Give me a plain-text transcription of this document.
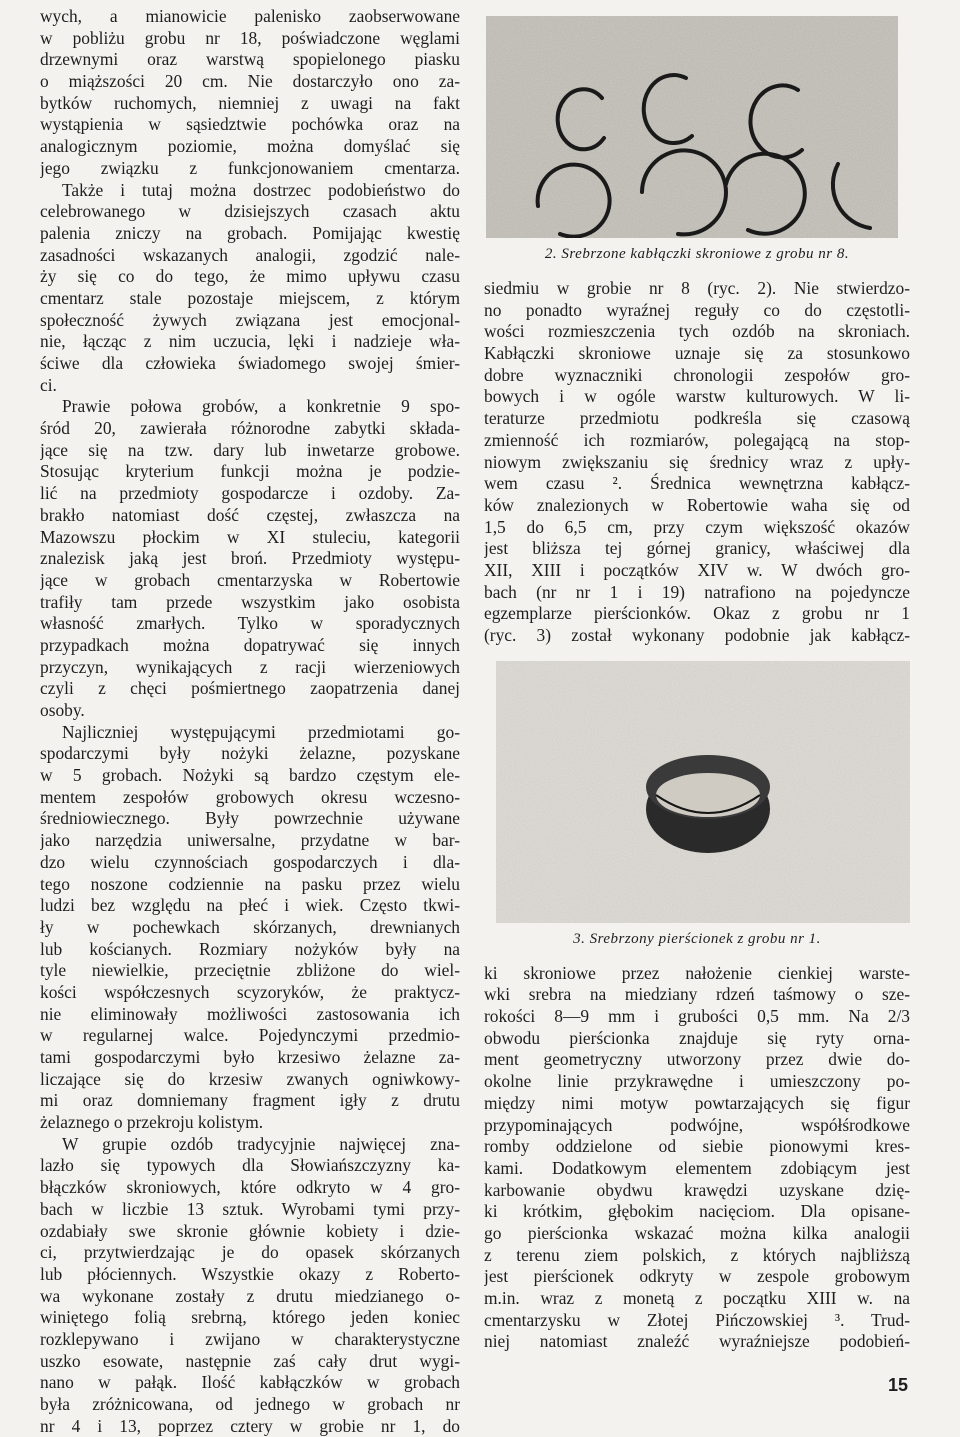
wych, a mianowicie palenisko zaobserwowane
w pobliżu grobu nr 18, poświadczone węglami
drzewnymi oraz warstwą spopielonego piasku
o miąższości 20 cm. Nie dostarczyło ono za-
bytków ruchomych, niemniej z uwagi na fakt
wystąpienia w sąsiedztwie pochówka oraz na
analogicznym poziomie, można domyślać się
jego związku z funkcjonowaniem cmentarza.
Także i tutaj można dostrzec podobieństwo do
celebrowanego w dzisiejszych czasach aktu
palenia zniczy na grobach. Pomijając kwestię
zasadności wskazanych analogii, zgodzić nale-
ży się co do tego, że mimo upływu czasu
cmentarz stale pozostaje miejscem, z którym
społeczność żywych związana jest emocjonal-
nie, łącząc z nim uczucia, lęki i nadzieje wła-
ściwe dla człowieka świadomego swojej śmier-
ci.
Prawie połowa grobów, a konkretnie 9 spo-
śród 20, zawierała różnorodne zabytki składa-
jące się na tzw. dary lub inwetarze grobowe.
Stosując kryterium funkcji można je podzie-
lić na przedmioty gospodarcze i ozdoby. Za-
brakło natomiast dość częstej, zwłaszcza na
Mazowszu płockim w XI stuleciu, kategorii
znalezisk jaką jest broń. Przedmioty występu-
jące w grobach cmentarzyska w Robertowie
trafiły tam przede wszystkim jako osobista
własność zmarłych. Tylko w sporadycznych
przypadkach można dopatrywać się innych
przyczyn, wynikających z racji wierzeniowych
czyli z chęci pośmiertnego zaopatrzenia danej
osoby.
Najliczniej występującymi przedmiotami go-
spodarczymi były nożyki żelazne, pozyskane
w 5 grobach. Nożyki są bardzo częstym ele-
mentem zespołów grobowych okresu wczesno-
średniowiecznego. Były powrzechnie używane
jako narzędzia uniwersalne, przydatne w bar-
dzo wielu czynnościach gospodarczych i dla-
tego noszone codziennie na pasku przez wielu
ludzi bez względu na płeć i wiek. Często tkwi-
ły w pochewkach skórzanych, drewnianych
lub kościanych. Rozmiary nożyków były na
tyle niewielkie, przeciętnie zbliżone do wiel-
kości współczesnych scyzoryków, że praktycz-
nie eliminowały możliwości zastosowania ich
w regularnej walce. Pojedynczymi przedmio-
tami gospodarczymi było krzesiwo żelazne za-
liczające się do krzesiw zwanych ogniwkowy-
mi oraz domniemany fragment igły z drutu
żelaznego o przekroju kolistym.
W grupie ozdób tradycyjnie najwięcej zna-
lazło się typowych dla Słowiańszczyzny ka-
błączków skroniowych, które odkryto w 4 gro-
bach w liczbie 13 sztuk. Wyrobami tymi przy-
ozdabiały swe skronie głównie kobiety i dzie-
ci, przytwierdzając je do opasek skórzanych
lub płóciennych. Wszystkie okazy z Roberto-
wa wykonane zostały z drutu miedzianego o-
winiętego folią srebrną, którego jeden koniec
rozklepywano i zwijano w charakterystyczne
uszko esowate, następnie zaś cały drut wygi-
nano w pałąk. Ilość kabłączków w grobach
była zróżnicowana, od jednego w grobach nr
nr 4 i 13, poprzez cztery w grobie nr 1, do
2. Srebrzone kabłączki skroniowe z grobu nr 8.
siedmiu w grobie nr 8 (ryc. 2). Nie stwierdzo-
no ponadto wyraźnej reguły co do częstotli-
wości rozmieszczenia tych ozdób na skroniach.
Kabłączki skroniowe uznaje się za stosunkowo
dobre wyznaczniki chronologii zespołów gro-
bowych i w ogóle warstw kulturowych. W li-
teraturze przedmiotu podkreśla się czasową
zmienność ich rozmiarów, polegającą na stop-
niowym zwiększaniu się średnicy wraz z upły-
wem czasu ². Średnica wewnętrzna kabłącz-
ków znalezionych w Robertowie waha się od
1,5 do 6,5 cm, przy czym większość okazów
jest bliższa tej górnej granicy, właściwej dla
XII, XIII i początków XIV w. W dwóch gro-
bach (nr nr 1 i 19) natrafiono na pojedyncze
egzemplarze pierścionków. Okaz z grobu nr 1
(ryc. 3) został wykonany podobnie jak kabłącz-
3. Srebrzony pierścionek z grobu nr 1.
ki skroniowe przez nałożenie cienkiej warste-
wki srebra na miedziany rdzeń taśmowy o sze-
rokości 8—9 mm i grubości 0,5 mm. Na 2/3
obwodu pierścionka znajduje się ryty orna-
ment geometryczny utworzony przez dwie do-
okolne linie przykrawędne i umieszczony po-
między nimi motyw powtarzających się figur
przypominających podwójne, współśrodkowe
romby oddzielone od siebie pionowymi kres-
kami. Dodatkowym elementem zdobiącym jest
karbowanie obydwu krawędzi uzyskane dzię-
ki krótkim, głębokim nacięciom. Dla opisane-
go pierścionka wskazać można kilka analogii
z terenu ziem polskich, z których najbliższą
jest pierścionek odkryty w zespole grobowym
m.in. wraz z monetą z początku XIII w. na
cmentarzysku w Złotej Pińczowskiej ³. Trud-
niej natomiast znaleźć wyraźniejsze podobień-
15
